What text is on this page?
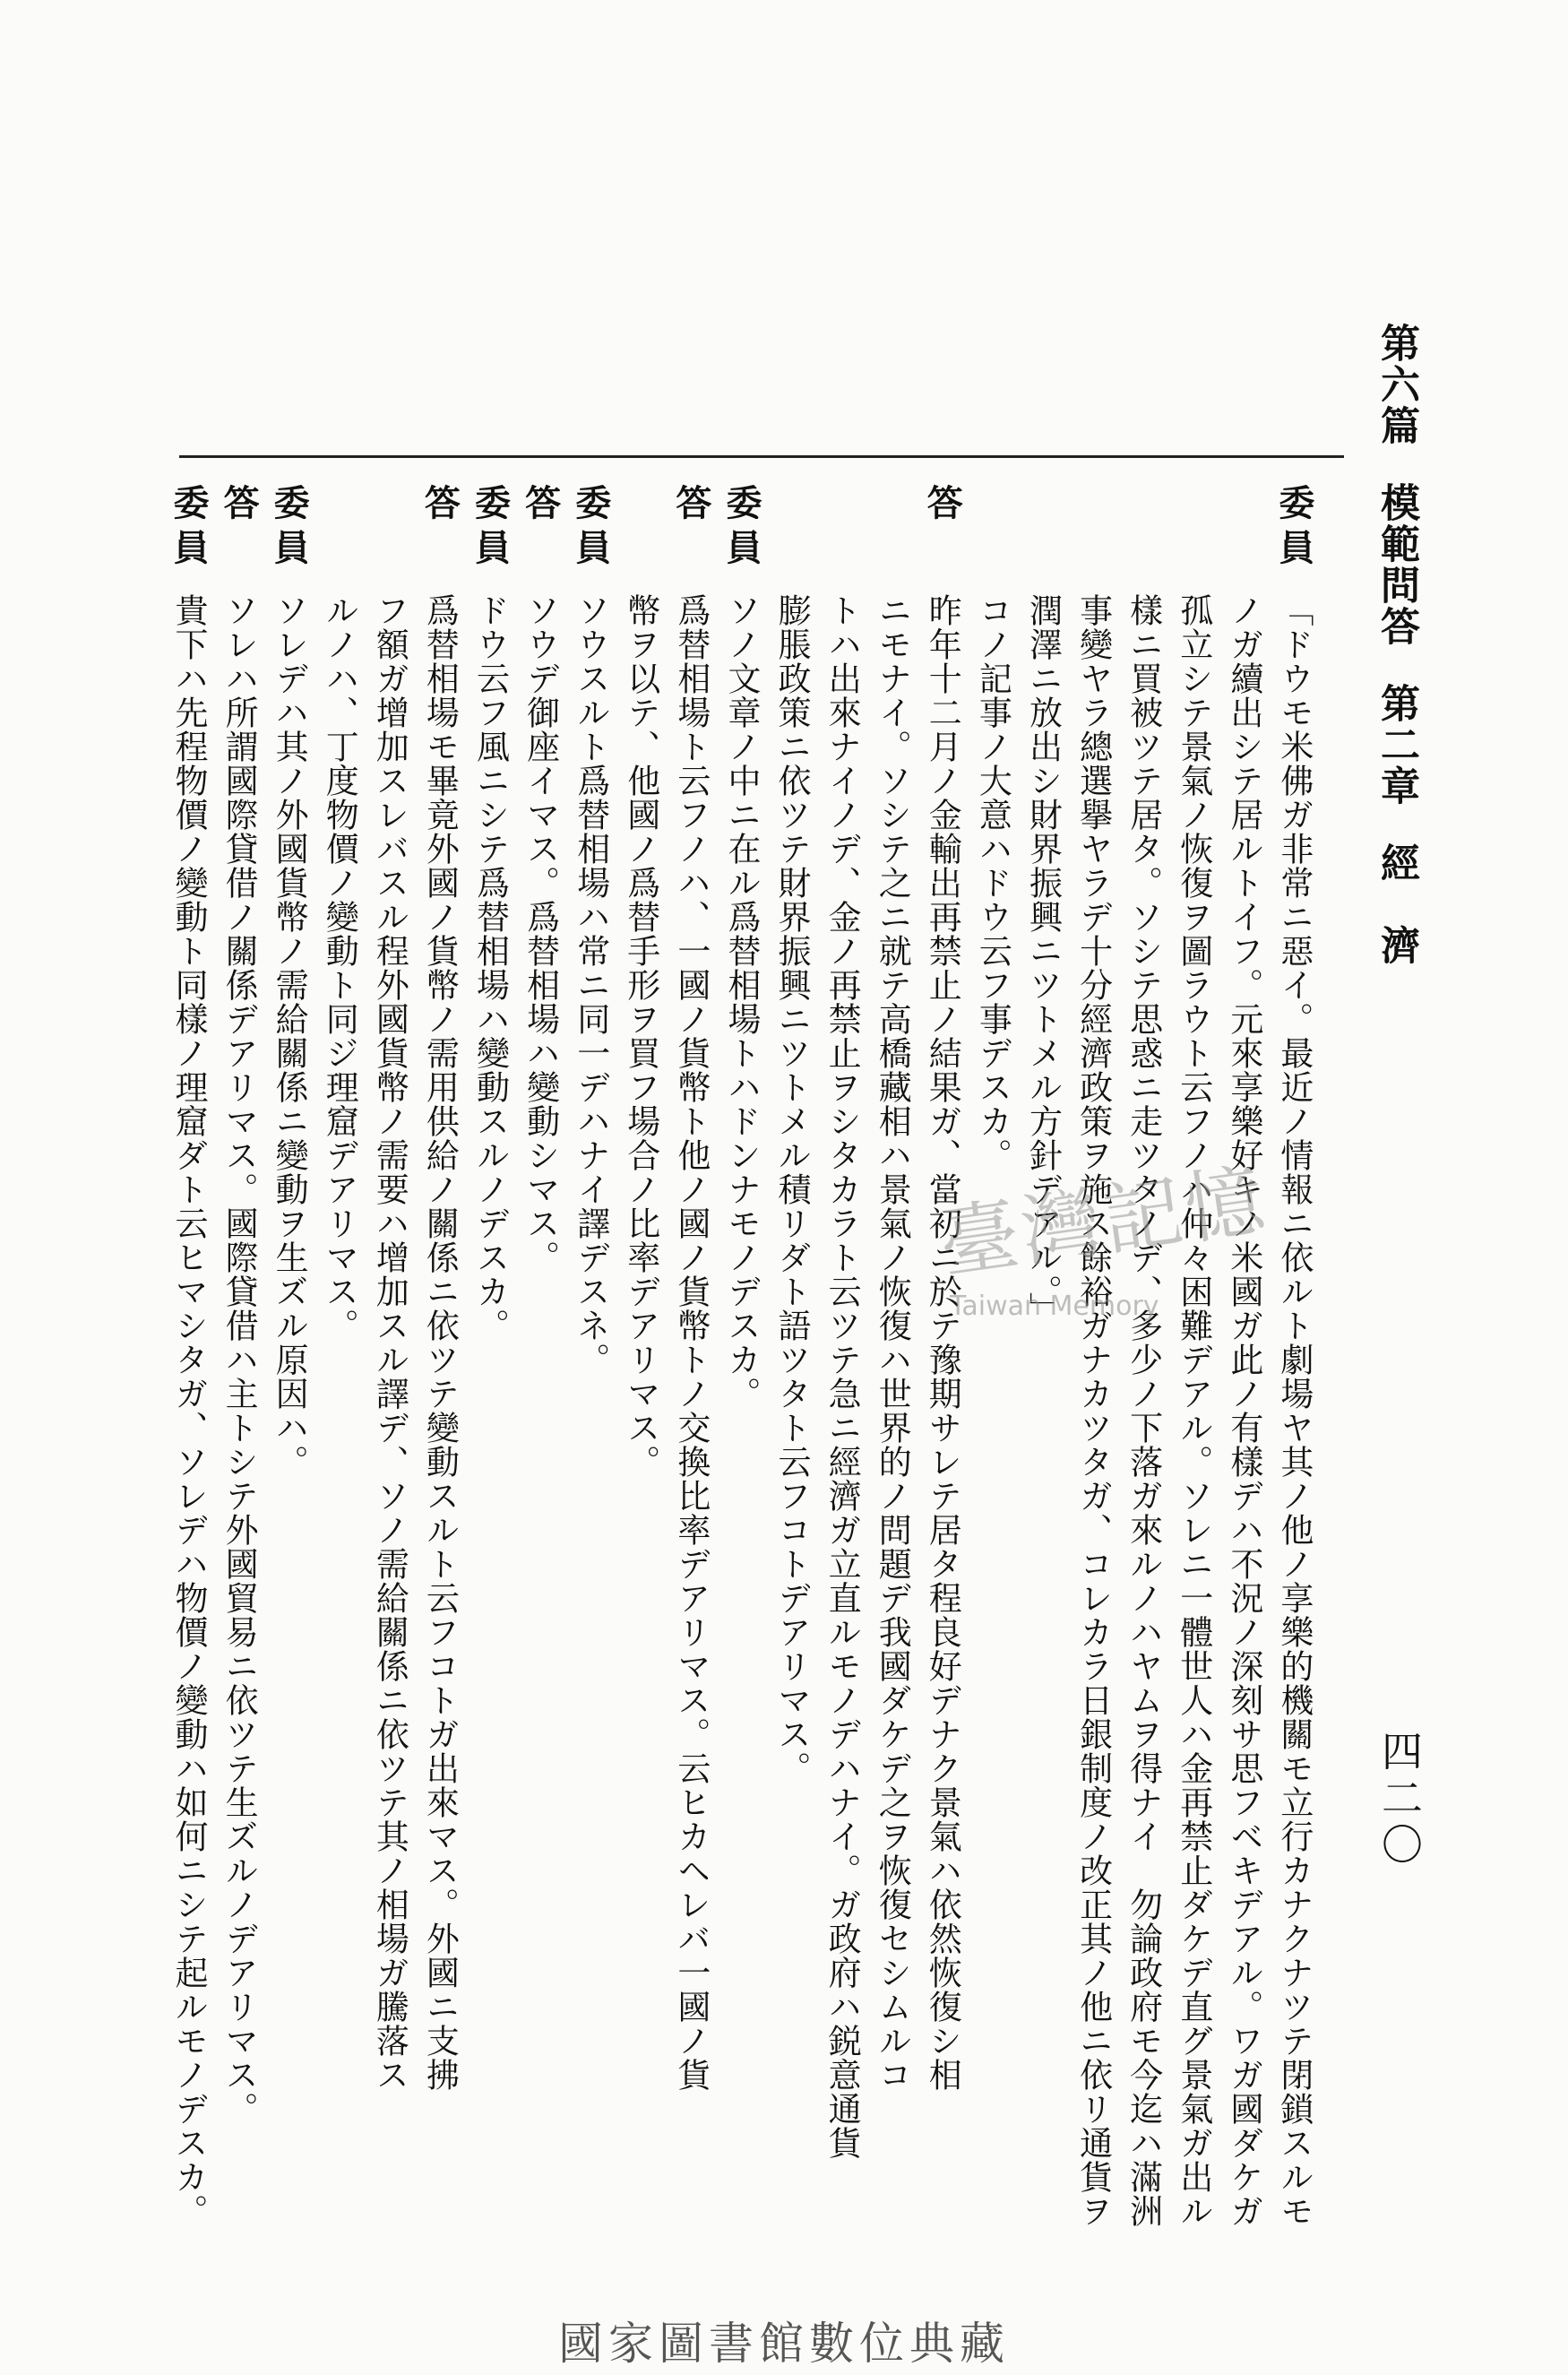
第六篇模範問答第二章經　濟
四二〇
委員
「ドウモ米佛ガ非常ニ惡イ。最近ノ情報ニ依ルト劇場ヤ其ノ他ノ享樂的機關モ立行カナクナツテ閉鎖スルモ
ノガ續出シテ居ルトイフ。元來享樂好キノ米國ガ此ノ有樣デハ不況ノ深刻サ思フベキデアル。ワガ國ダケガ
孤立シテ景氣ノ恢復ヲ圖ラウト云フノハ仲々困難デアル。ソレニ一體世人ハ金再禁止ダケデ直グ景氣ガ出ル
樣ニ買被ツテ居タ。ソシテ思惑ニ走ツタノデ、多少ノ下落ガ來ルノハヤムヲ得ナイ　勿論政府モ今迄ハ滿洲
事變ヤラ總選擧ヤラデ十分經濟政策ヲ施ス餘裕ガナカツタガ、コレカラ日銀制度ノ改正其ノ他ニ依リ通貨ヲ
潤澤ニ放出シ財界振興ニツトメル方針デアル。」
コノ記事ノ大意ハドウ云フ事デスカ。
答
昨年十二月ノ金輸出再禁止ノ結果ガ、當初ニ於テ豫期サレテ居タ程良好デナク景氣ハ依然恢復シ相
ニモナイ。ソシテ之ニ就テ高橋藏相ハ景氣ノ恢復ハ世界的ノ問題デ我國ダケデ之ヲ恢復セシムルコ
トハ出來ナイノデ、金ノ再禁止ヲシタカラト云ツテ急ニ經濟ガ立直ルモノデハナイ。ガ政府ハ鋭意通貨
膨脹政策ニ依ツテ財界振興ニツトメル積リダト語ツタト云フコトデアリマス。
委員
ソノ文章ノ中ニ在ル爲替相場トハドンナモノデスカ。
答
爲替相場ト云フノハ、一國ノ貨幣ト他ノ國ノ貨幣トノ交換比率デアリマス。云ヒカヘレバ一國ノ貨
幣ヲ以テ、他國ノ爲替手形ヲ買フ場合ノ比率デアリマス。
委員
ソウスルト爲替相場ハ常ニ同一デハナイ譯デスネ。
答
ソウデ御座イマス。爲替相場ハ變動シマス。
委員
ドウ云フ風ニシテ爲替相場ハ變動スルノデスカ。
答
爲替相場モ畢竟外國ノ貨幣ノ需用供給ノ關係ニ依ツテ變動スルト云フコトガ出來マス。外國ニ支拂
フ額ガ增加スレバスル程外國貨幣ノ需要ハ增加スル譯デ、ソノ需給關係ニ依ツテ其ノ相場ガ騰落ス
ルノハ、丁度物價ノ變動ト同ジ理窟デアリマス。
委員
ソレデハ其ノ外國貨幣ノ需給關係ニ變動ヲ生ズル原因ハ。
答
ソレハ所謂國際貸借ノ關係デアリマス。國際貸借ハ主トシテ外國貿易ニ依ツテ生ズルノデアリマス。
委員
貴下ハ先程物價ノ變動ト同樣ノ理窟ダト云ヒマシタガ、ソレデハ物價ノ變動ハ如何ニシテ起ルモノデスカ。	臺灣記憶
Taiwan Memory
國家圖書館數位典藏
